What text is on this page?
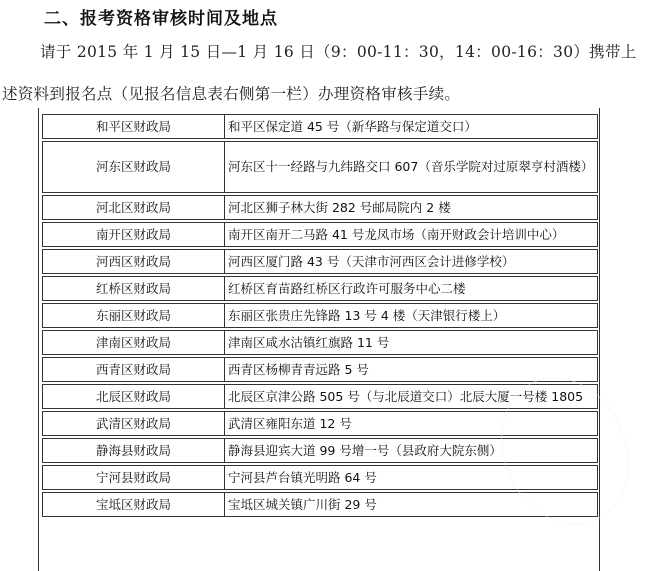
二、报考资格审核时间及地点
请于 2015 年 1 月 15 日—1 月 16 日（9：00-11：30，14：00-16：30）携带上
述资料到报名点（见报名信息表右侧第一栏）办理资格审核手续。
和平区财政局	和平区保定道 45 号（新华路与保定道交口）
河东区财政局	河东区十一经路与九纬路交口 607（音乐学院对过原翠亨村酒楼）
河北区财政局	河北区狮子林大街 282 号邮局院内 2 楼
南开区财政局	南开区南开二马路 41 号龙凤市场（南开财政会计培训中心）
河西区财政局	河西区厦门路 43 号（天津市河西区会计进修学校）
红桥区财政局	红桥区育苗路红桥区行政许可服务中心二楼
东丽区财政局	东丽区张贵庄先锋路 13 号 4 楼（天津银行楼上）
津南区财政局	津南区咸水沽镇红旗路 11 号
西青区财政局	西青区杨柳青青远路 5 号
北辰区财政局	北辰区京津公路 505 号（与北辰道交口）北辰大厦一号楼 1805
武清区财政局	武清区雍阳东道 12 号
静海县财政局	静海县迎宾大道 99 号增一号（县政府大院东侧）
宁河县财政局	宁河县芦台镇光明路 64 号
宝坻区财政局	宝坻区城关镇广川街 29 号
